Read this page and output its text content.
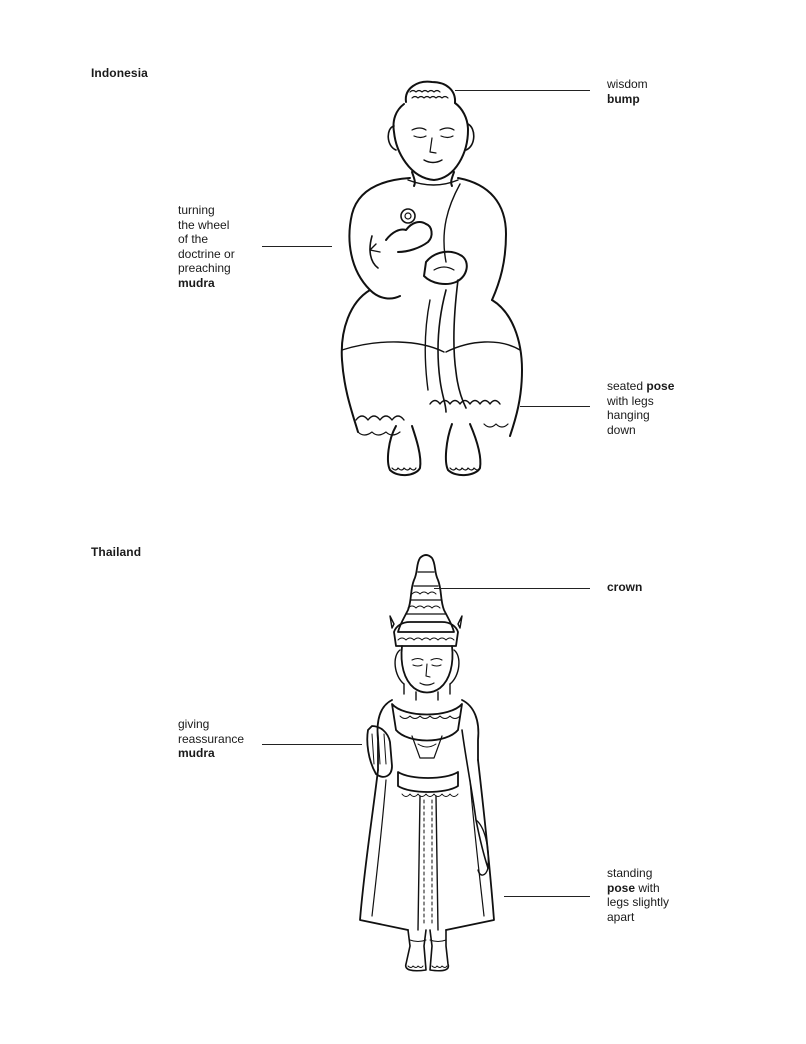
Indonesia
wisdom
bump
turning
the wheel
of the
doctrine or
preaching
mudra
seated pose
with legs
hanging
down
Thailand
crown
giving
reassurance
mudra
standing
pose with
legs slightly
apart
